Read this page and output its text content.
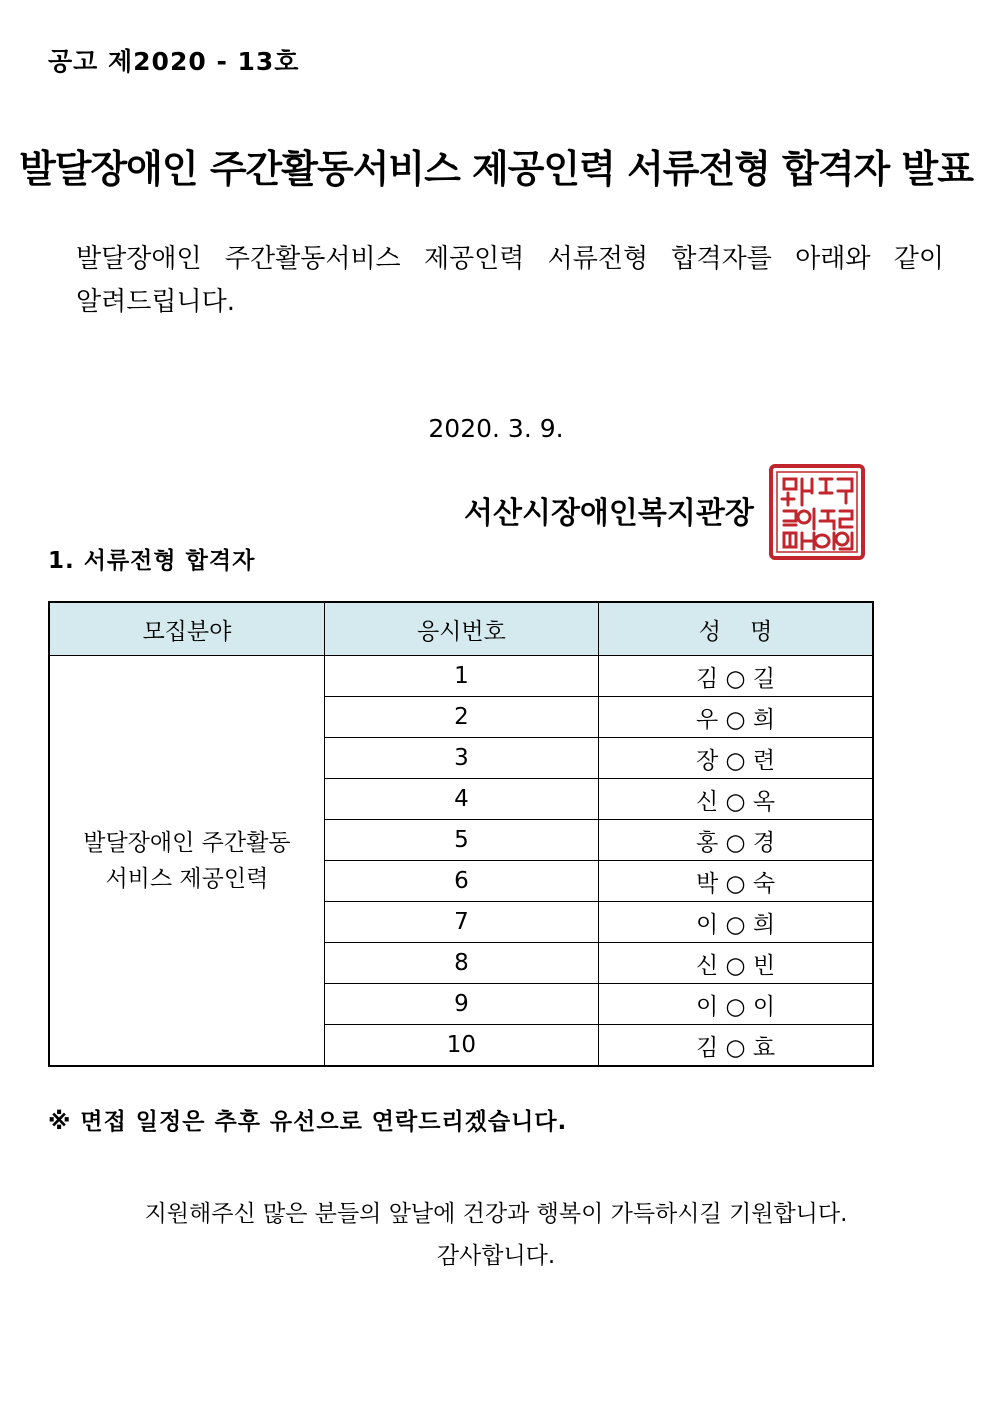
공고 제2020 - 13호
발달장애인 주간활동서비스 제공인력 서류전형 합격자 발표
발달장애인 주간활동서비스 제공인력 서류전형 합격자를 아래와 같이
알려드립니다.
2020. 3. 9.
서산시장애인복지관장
1. 서류전형 합격자
모집분야	응시번호	성    명

발달장애인 주간활동
서비스 제공인력	1	김 ○ 길
	2	우 ○ 희
	3	장 ○ 련
	4	신 ○ 옥
	5	홍 ○ 경
	6	박 ○ 숙
	7	이 ○ 희
	8	신 ○ 빈
	9	이 ○ 이
	10	김 ○ 효
※ 면접 일정은 추후 유선으로 연락드리겠습니다.
지원해주신 많은 분들의 앞날에 건강과 행복이 가득하시길 기원합니다.
감사합니다.
